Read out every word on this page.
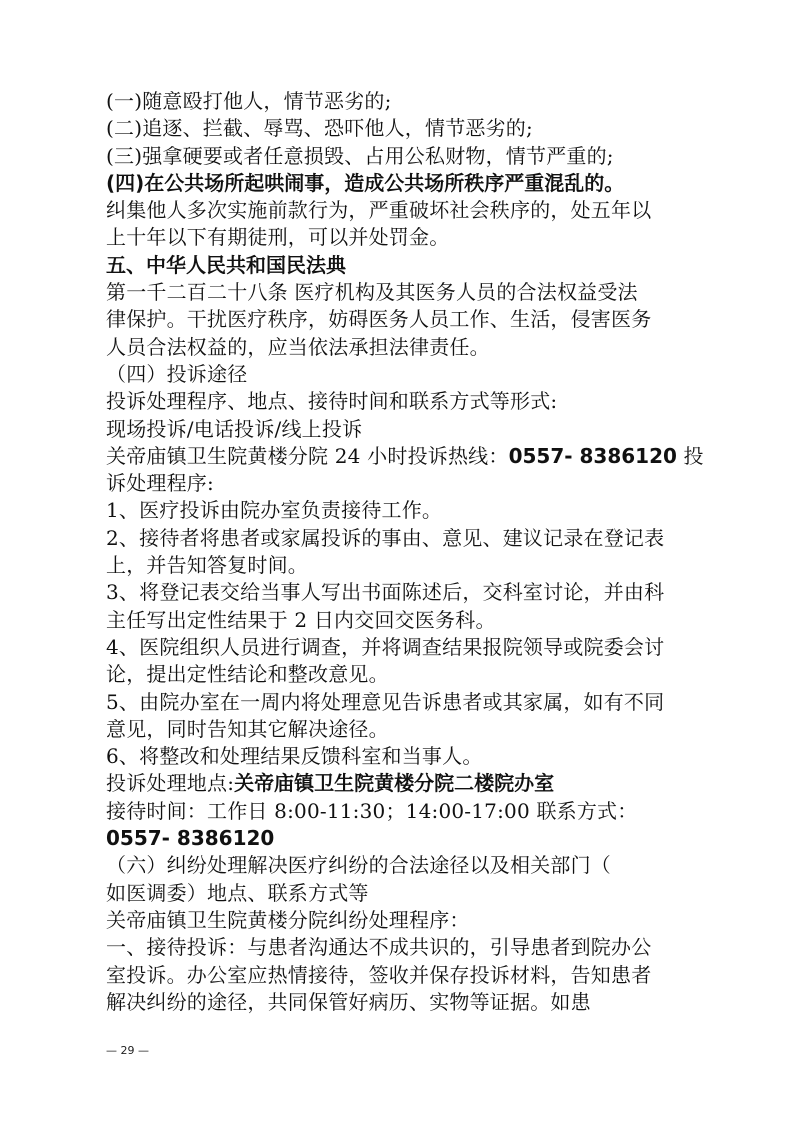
(一)随意殴打他人，情节恶劣的;
(二)追逐、拦截、辱骂、恐吓他人，情节恶劣的;
(三)强拿硬要或者任意损毁、占用公私财物，情节严重的;
(四)在公共场所起哄闹事，造成公共场所秩序严重混乱的。
纠集他人多次实施前款行为，严重破坏社会秩序的，处五年以
上十年以下有期徒刑，可以并处罚金。
五、中华人民共和国民法典
第一千二百二十八条 医疗机构及其医务人员的合法权益受法
律保护。干扰医疗秩序，妨碍医务人员工作、生活，侵害医务
人员合法权益的，应当依法承担法律责任。
（四）投诉途径
投诉处理程序、地点、接待时间和联系方式等形式:
现场投诉/电话投诉/线上投诉
关帝庙镇卫生院黄楼分院 24 小时投诉热线：0557- 8386120 投
诉处理程序:
1、医疗投诉由院办室负责接待工作。
2、接待者将患者或家属投诉的事由、意见、建议记录在登记表
上，并告知答复时间。
3、将登记表交给当事人写出书面陈述后，交科室讨论，并由科
主任写出定性结果于 2 日内交回交医务科。
4、医院组织人员进行调查，并将调查结果报院领导或院委会讨
论，提出定性结论和整改意见。
5、由院办室在一周内将处理意见告诉患者或其家属，如有不同
意见，同时告知其它解决途径。
6、将整改和处理结果反馈科室和当事人。
投诉处理地点:关帝庙镇卫生院黄楼分院二楼院办室
接待时间：工作日 8:00-11:30；14:00-17:00 联系方式：
0557- 8386120
（六）纠纷处理解决医疗纠纷的合法途径以及相关部门（
如医调委）地点、联系方式等
关帝庙镇卫生院黄楼分院纠纷处理程序：
一、接待投诉：与患者沟通达不成共识的，引导患者到院办公
室投诉。办公室应热情接待，签收并保存投诉材料，告知患者
解决纠纷的途径，共同保管好病历、实物等证据。如患
— 29 —
